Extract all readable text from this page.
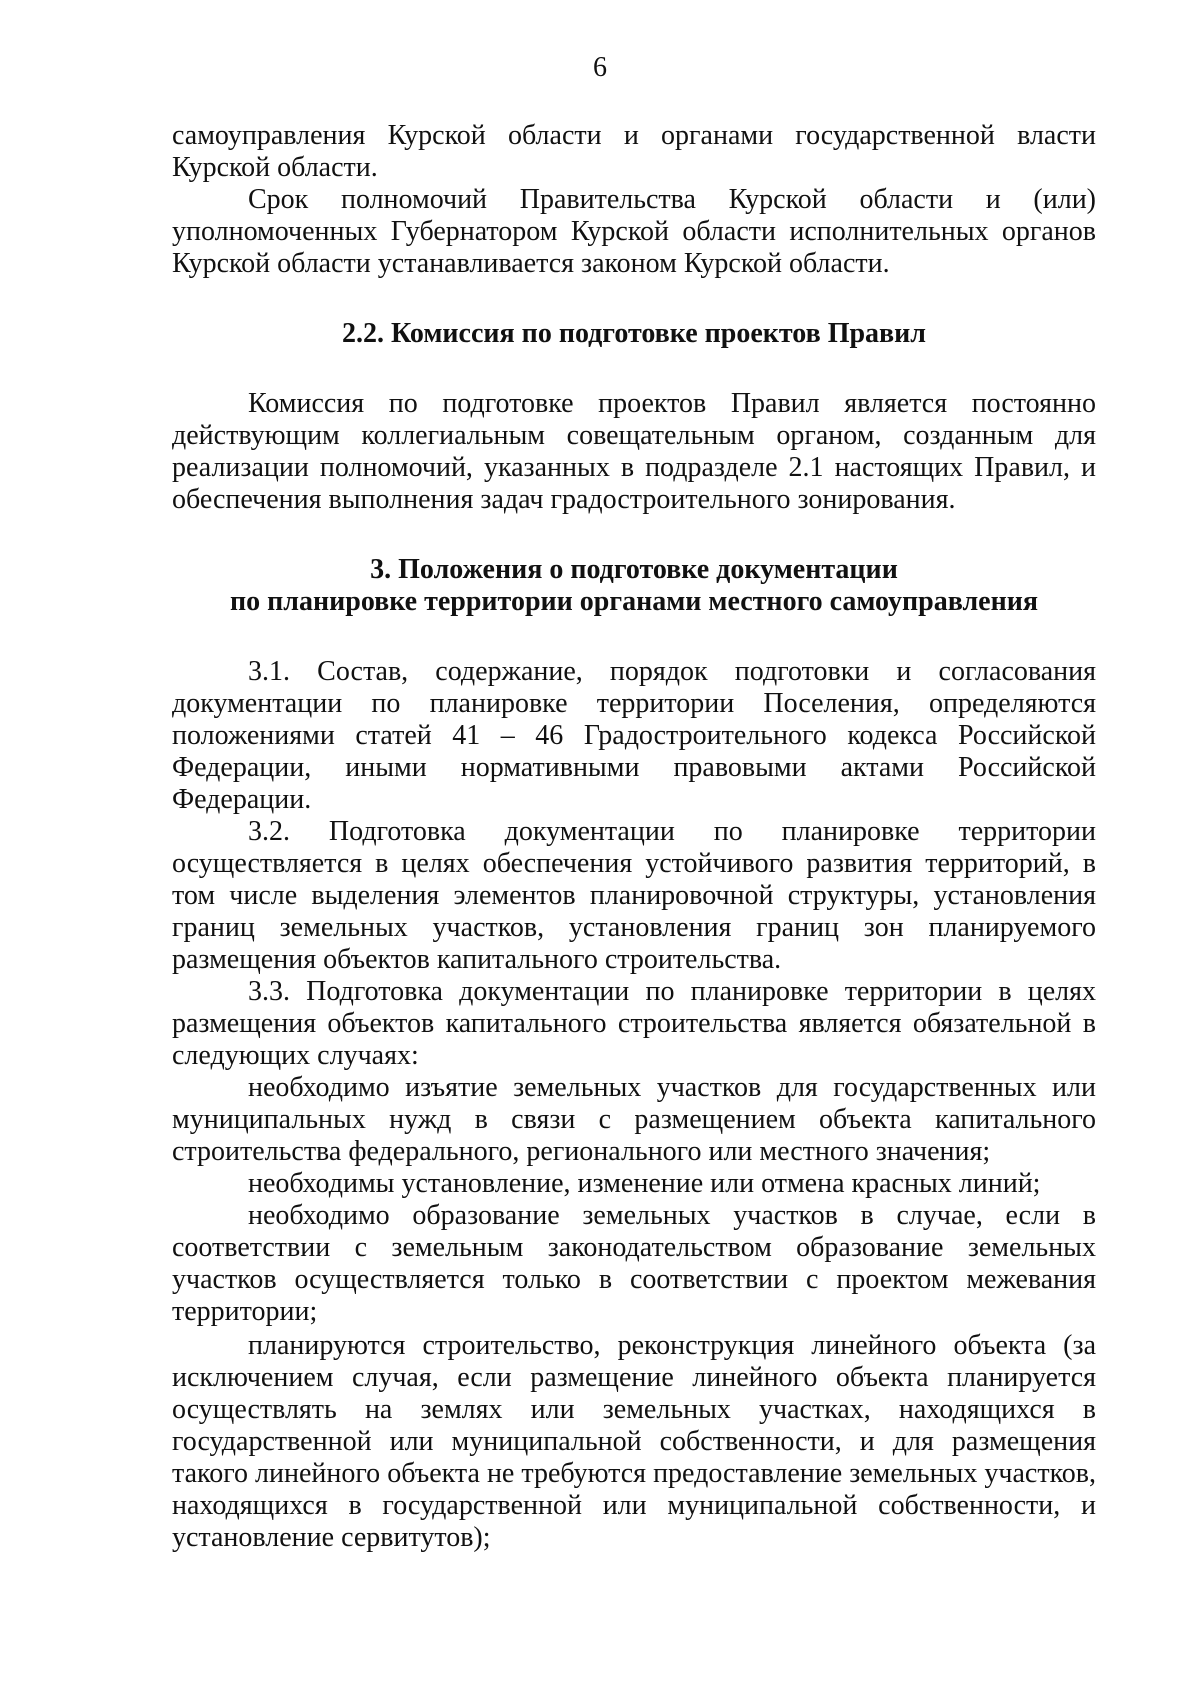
6

самоуправления Курской области и органами государственной власти Курской области.

Срок полномочий Правительства Курской области и (или) уполномоченных Губернатором Курской области исполнительных органов Курской области устанавливается законом Курской области.

2.2. Комиссия по подготовке проектов Правил

Комиссия по подготовке проектов Правил является постоянно действующим коллегиальным совещательным органом, созданным для реализации полномочий, указанных в подразделе 2.1 настоящих Правил, и обеспечения выполнения задач градостроительного зонирования.

3. Положения о подготовке документации
по планировке территории органами местного самоуправления

3.1. Состав, содержание, порядок подготовки и согласования документации по планировке территории Поселения, определяются положениями статей 41 – 46 Градостроительного кодекса Российской Федерации, иными нормативными правовыми актами Российской Федерации.

3.2. Подготовка документации по планировке территории осуществляется в целях обеспечения устойчивого развития территорий, в том числе выделения элементов планировочной структуры, установления границ земельных участков, установления границ зон планируемого размещения объектов капитального строительства.

3.3. Подготовка документации по планировке территории в целях размещения объектов капитального строительства является обязательной в следующих случаях:

необходимо изъятие земельных участков для государственных или муниципальных нужд в связи с размещением объекта капитального строительства федерального, регионального или местного значения;

необходимы установление, изменение или отмена красных линий;

необходимо образование земельных участков в случае, если в соответствии с земельным законодательством образование земельных участков осуществляется только в соответствии с проектом межевания территории;

планируются строительство, реконструкция линейного объекта (за исключением случая, если размещение линейного объекта планируется осуществлять на землях или земельных участках, находящихся в государственной или муниципальной собственности, и для размещения такого линейного объекта не требуются предоставление земельных участков, находящихся в государственной или муниципальной собственности, и установление сервитутов);
